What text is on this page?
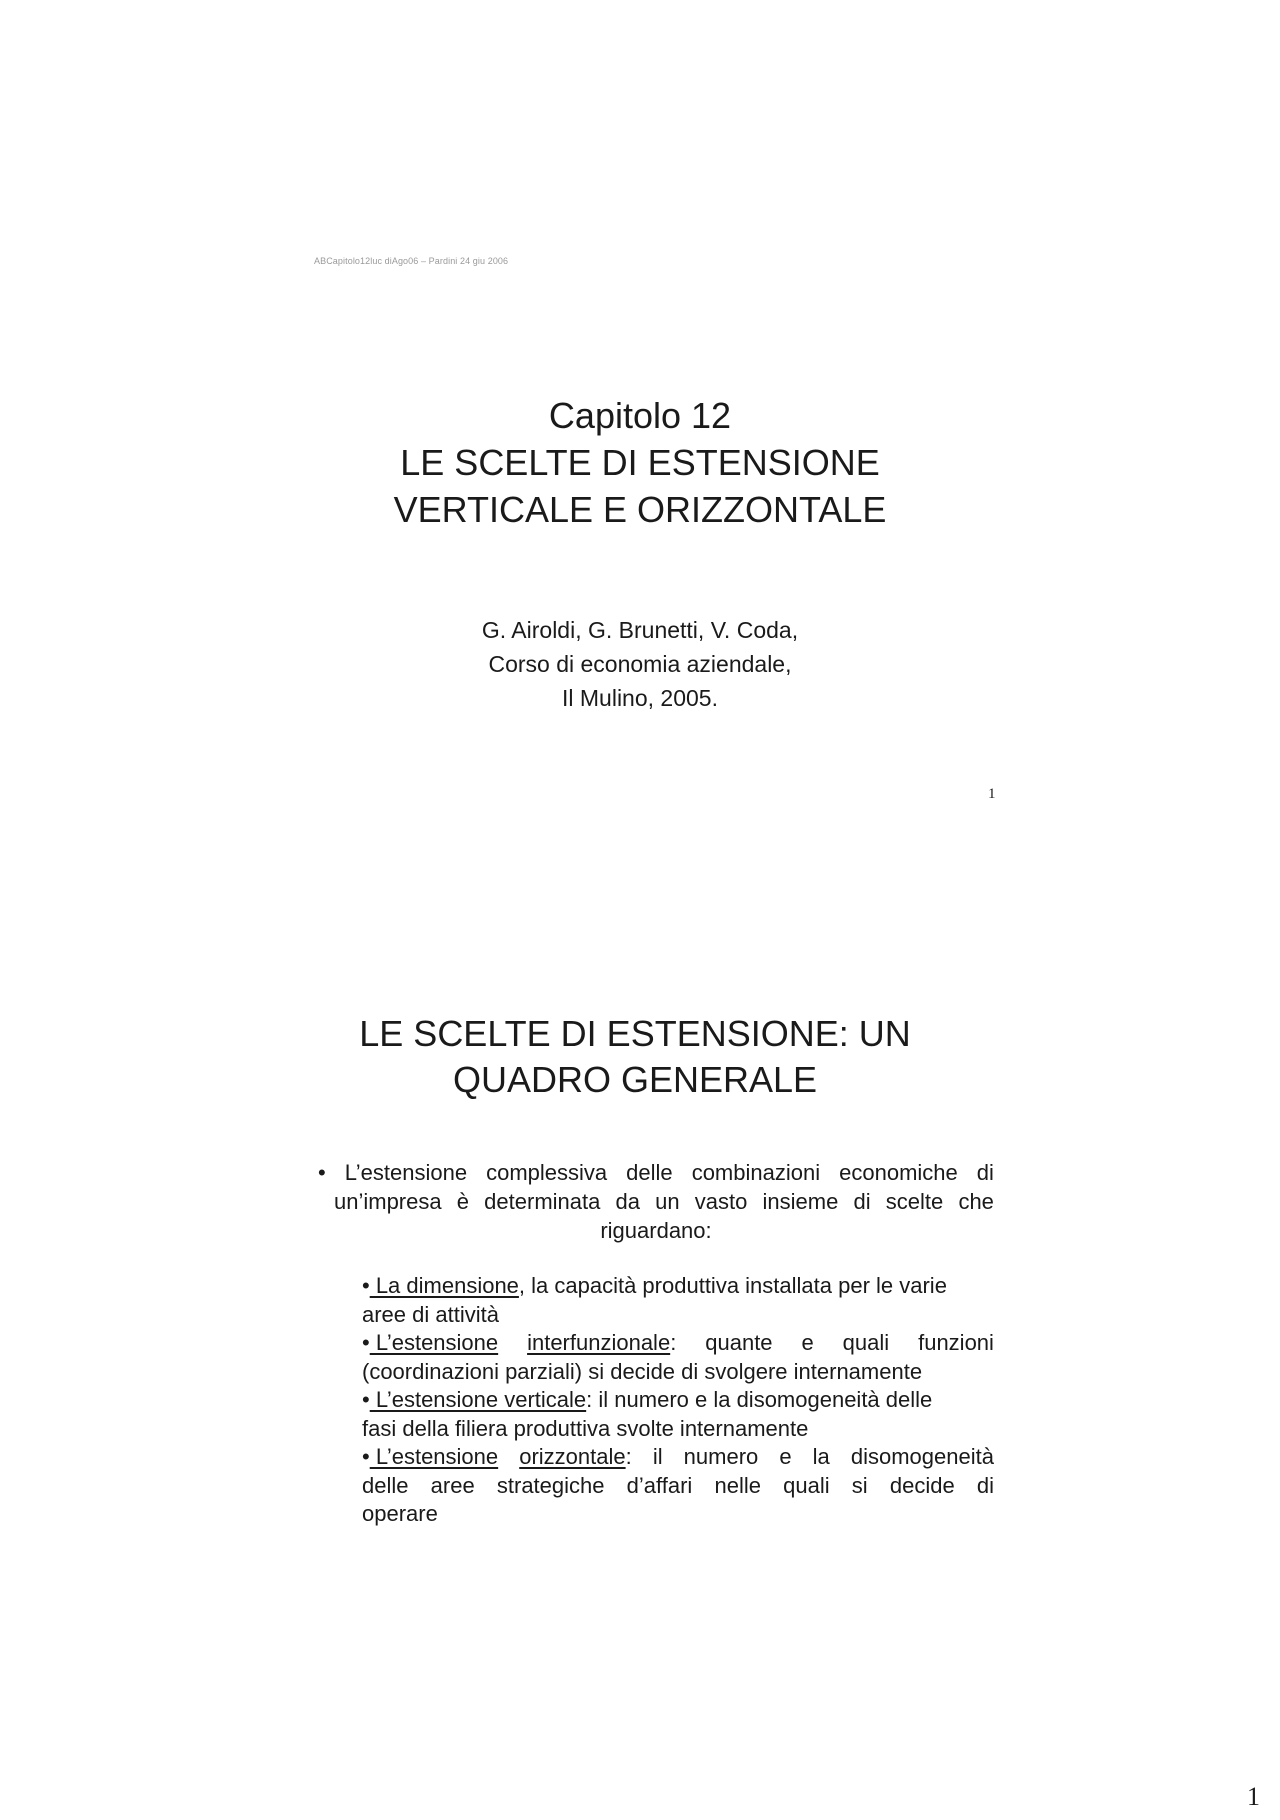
ABCapitolo12luc diAgo06 – Pardini 24 giu 2006
Capitolo 12
LE SCELTE DI ESTENSIONE
VERTICALE E ORIZZONTALE
G. Airoldi, G. Brunetti, V. Coda,
Corso di economia aziendale,
Il Mulino, 2005.
1
LE SCELTE DI ESTENSIONE: UN
QUADRO GENERALE
• L’estensione complessiva delle combinazioni economiche di
un’impresa è determinata da un vasto insieme di scelte che
riguardano:
• La dimensione , la capacità produttiva installata per le varie
aree di attività
• L’estensione interfunzionale: quante e quali funzioni
(coordinazioni parziali) si decide di svolgere internamente
• L’estensione verticale : il numero e la disomogeneità delle
fasi della filiera produttiva svolte internamente
• L’estensione orizzontale: il numero e la disomogeneità
delle aree strategiche d’affari nelle quali si decide di
operare
1
